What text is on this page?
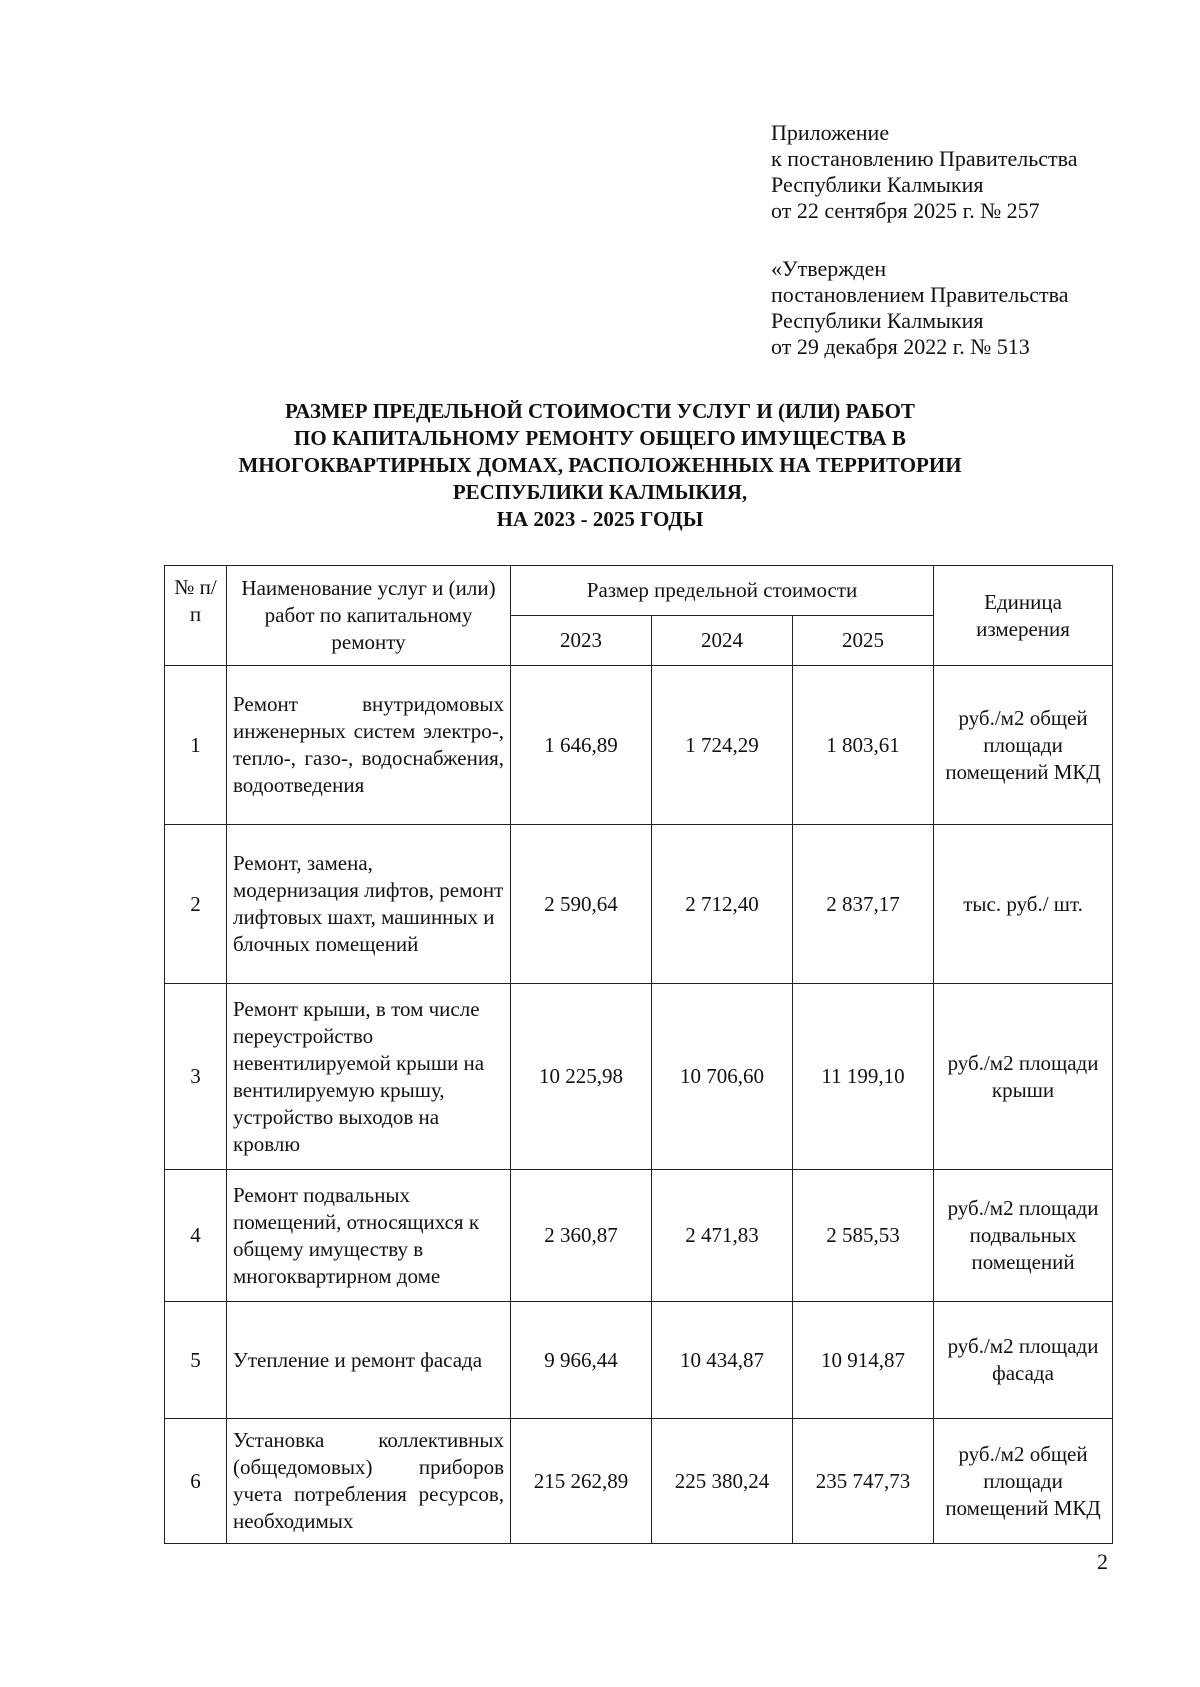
Приложение
к постановлению Правительства
Республики Калмыкия
от 22 сентября 2025 г. № 257
«Утвержден
постановлением Правительства
Республики Калмыкия
от 29 декабря 2022 г. № 513
РАЗМЕР ПРЕДЕЛЬНОЙ СТОИМОСТИ УСЛУГ И (ИЛИ) РАБОТ
ПО КАПИТАЛЬНОМУ РЕМОНТУ ОБЩЕГО ИМУЩЕСТВА В
МНОГОКВАРТИРНЫХ ДОМАХ, РАСПОЛОЖЕННЫХ НА ТЕРРИТОРИИ
РЕСПУБЛИКИ КАЛМЫКИЯ,
НА 2023 - 2025 ГОДЫ
№ п/п	Наименование услуг и (или) работ по капитальному ремонту	Размер предельной стоимости			Единица измерения
		2023	2024	2025	
1	Ремонт внутридомовых инженерных систем электро-, тепло-, газо-, водоснабжения, водоотведения	1 646,89	1 724,29	1 803,61	руб./м2 общей площади помещений МКД
2	Ремонт, замена, модернизация лифтов, ремонт лифтовых шахт, машинных и блочных помещений	2 590,64	2 712,40	2 837,17	тыс. руб./ шт.
3	Ремонт крыши, в том числе переустройство невентилируемой крыши на вентилируемую крышу, устройство выходов на кровлю	10 225,98	10 706,60	11 199,10	руб./м2 площади крыши
4	Ремонт подвальных помещений, относящихся к общему имуществу в многоквартирном доме	2 360,87	2 471,83	2 585,53	руб./м2 площади подвальных помещений
5	Утепление и ремонт фасада	9 966,44	10 434,87	10 914,87	руб./м2 площади фасада
6	Установка коллективных (общедомовых) приборов учета потребления ресурсов, необходимых	215 262,89	225 380,24	235 747,73	руб./м2 общей площади помещений МКД
2
